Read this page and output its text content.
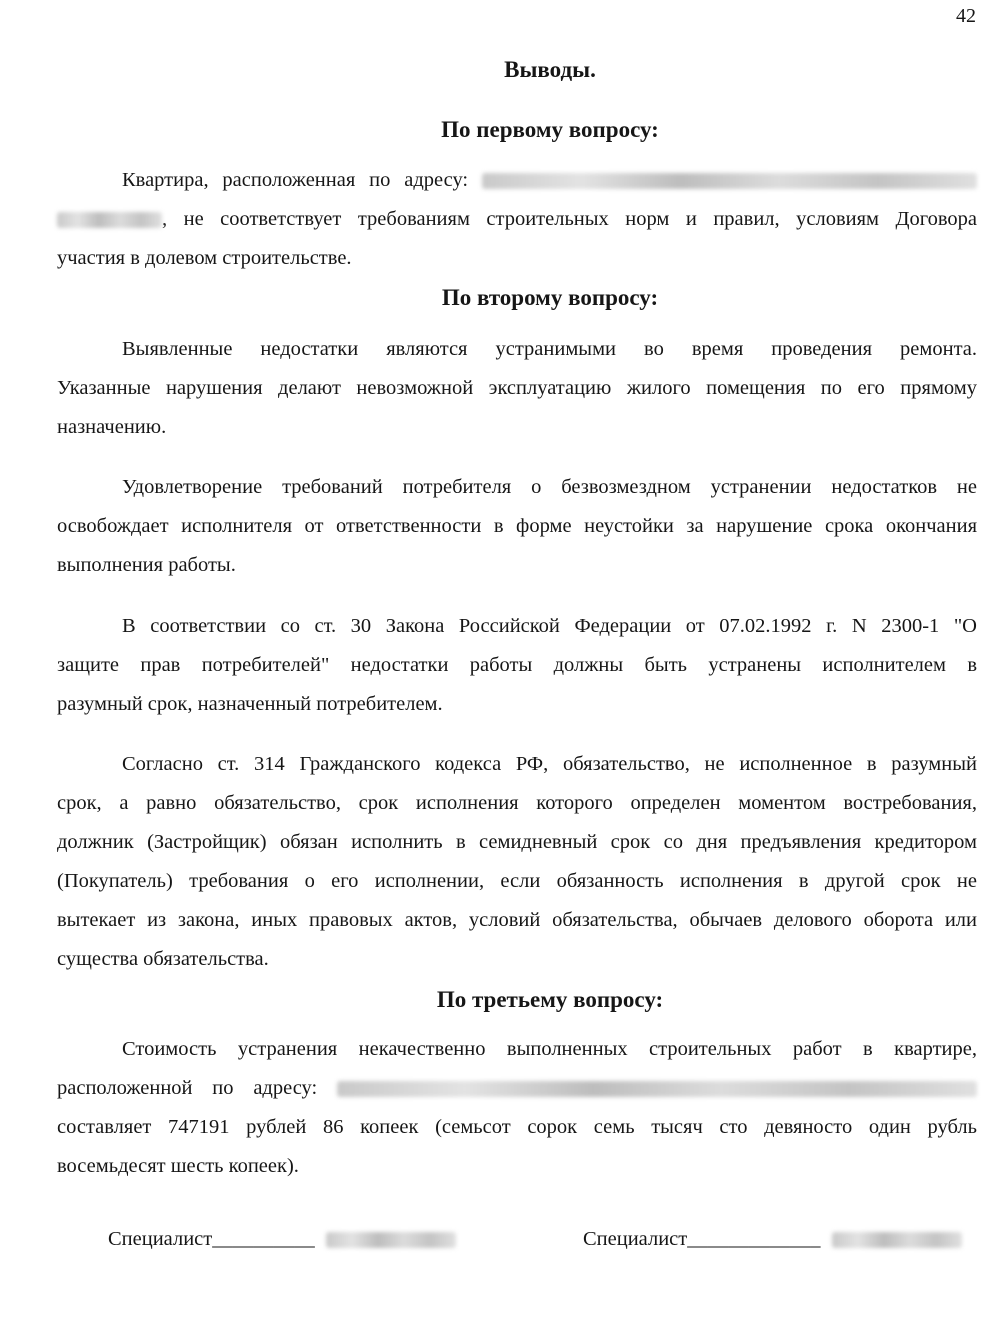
42
Выводы.
По первому вопросу:
Квартира, расположенная по адресу:
, не соответствует требованиям строительных норм и правил, условиям Договора
участия в долевом строительстве.
По второму вопросу:
Выявленные недостатки являются устранимыми во время проведения ремонта.
Указанные нарушения делают невозможной эксплуатацию жилого помещения по его прямому
назначению.
Удовлетворение требований потребителя о безвозмездном устранении недостатков не
освобождает исполнителя от ответственности в форме неустойки за нарушение срока окончания
выполнения работы.
В соответствии со ст. 30 Закона Российской Федерации от 07.02.1992 г. N 2300-1 "О
защите прав потребителей" недостатки работы должны быть устранены исполнителем в
разумный срок, назначенный потребителем.
Согласно ст. 314 Гражданского кодекса РФ, обязательство, не исполненное в разумный
срок, а равно обязательство, срок исполнения которого определен моментом востребования,
должник (Застройщик) обязан исполнить в семидневный срок со дня предъявления кредитором
(Покупатель) требования о его исполнении, если обязанность исполнения в другой срок не
вытекает из закона, иных правовых актов, условий обязательства, обычаев делового оборота или
существа обязательства.
По третьему вопросу:
Стоимость устранения некачественно выполненных строительных работ в квартире,
расположенной по адресу:
составляет 747191 рублей 86 копеек (семьсот сорок семь тысяч сто девяносто один рубль
восемьдесят шесть копеек).
Специалист__________	Специалист_____________
